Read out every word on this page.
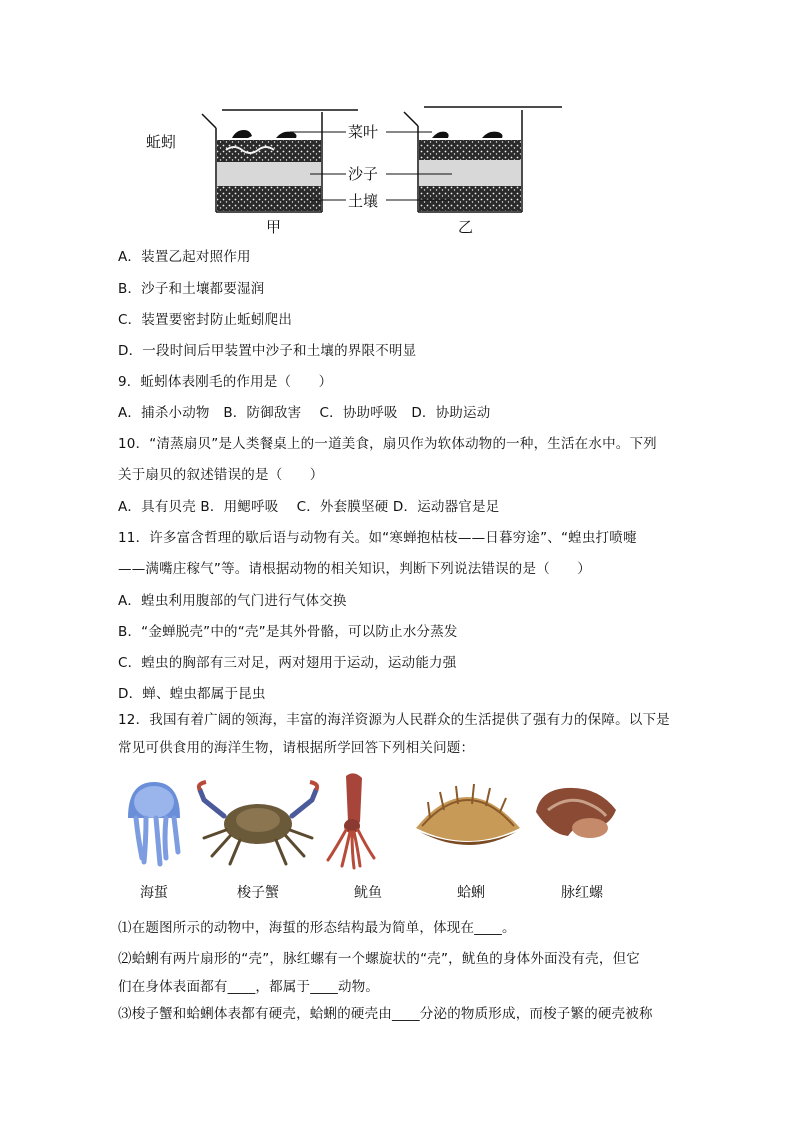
蚯蚓
菜叶
沙子
土壤
甲	乙
A．装置乙起对照作用
B．沙子和土壤都要湿润
C．装置要密封防止蚯蚓爬出
D．一段时间后甲装置中沙子和土壤的界限不明显
9．蚯蚓体表刚毛的作用是（　　）
A．捕杀小动物　B．防御敌害　 C．协助呼吸　D．协助运动
10．“清蒸扇贝”是人类餐桌上的一道美食，扇贝作为软体动物的一种，生活在水中。下列
关于扇贝的叙述错误的是（　　）
A．具有贝壳 B．用鳃呼吸　 C．外套膜坚硬 D．运动器官是足
11．许多富含哲理的歇后语与动物有关。如“寒蝉抱枯枝——日暮穷途”、“蝗虫打喷嚏
——满嘴庄稼气”等。请根据动物的相关知识，判断下列说法错误的是（　　）
A．蝗虫利用腹部的气门进行气体交换
B．“金蝉脱壳”中的“壳”是其外骨骼，可以防止水分蒸发
C．蝗虫的胸部有三对足，两对翅用于运动，运动能力强
D．蝉、蝗虫都属于昆虫
12．我国有着广阔的领海，丰富的海洋资源为人民群众的生活提供了强有力的保障。以下是
常见可供食用的海洋生物，请根据所学回答下列相关问题：
海蜇	梭子蟹	鱿鱼	蛤蜊	脉红螺
⑴在题图所示的动物中，海蜇的形态结构最为简单，体现在____。
⑵蛤蜊有两片扇形的“壳”，脉红螺有一个螺旋状的“壳”，鱿鱼的身体外面没有壳，但它
们在身体表面都有____，都属于____动物。
⑶梭子蟹和蛤蜊体表都有硬壳，蛤蜊的硬壳由____分泌的物质形成，而梭子繁的硬壳被称
